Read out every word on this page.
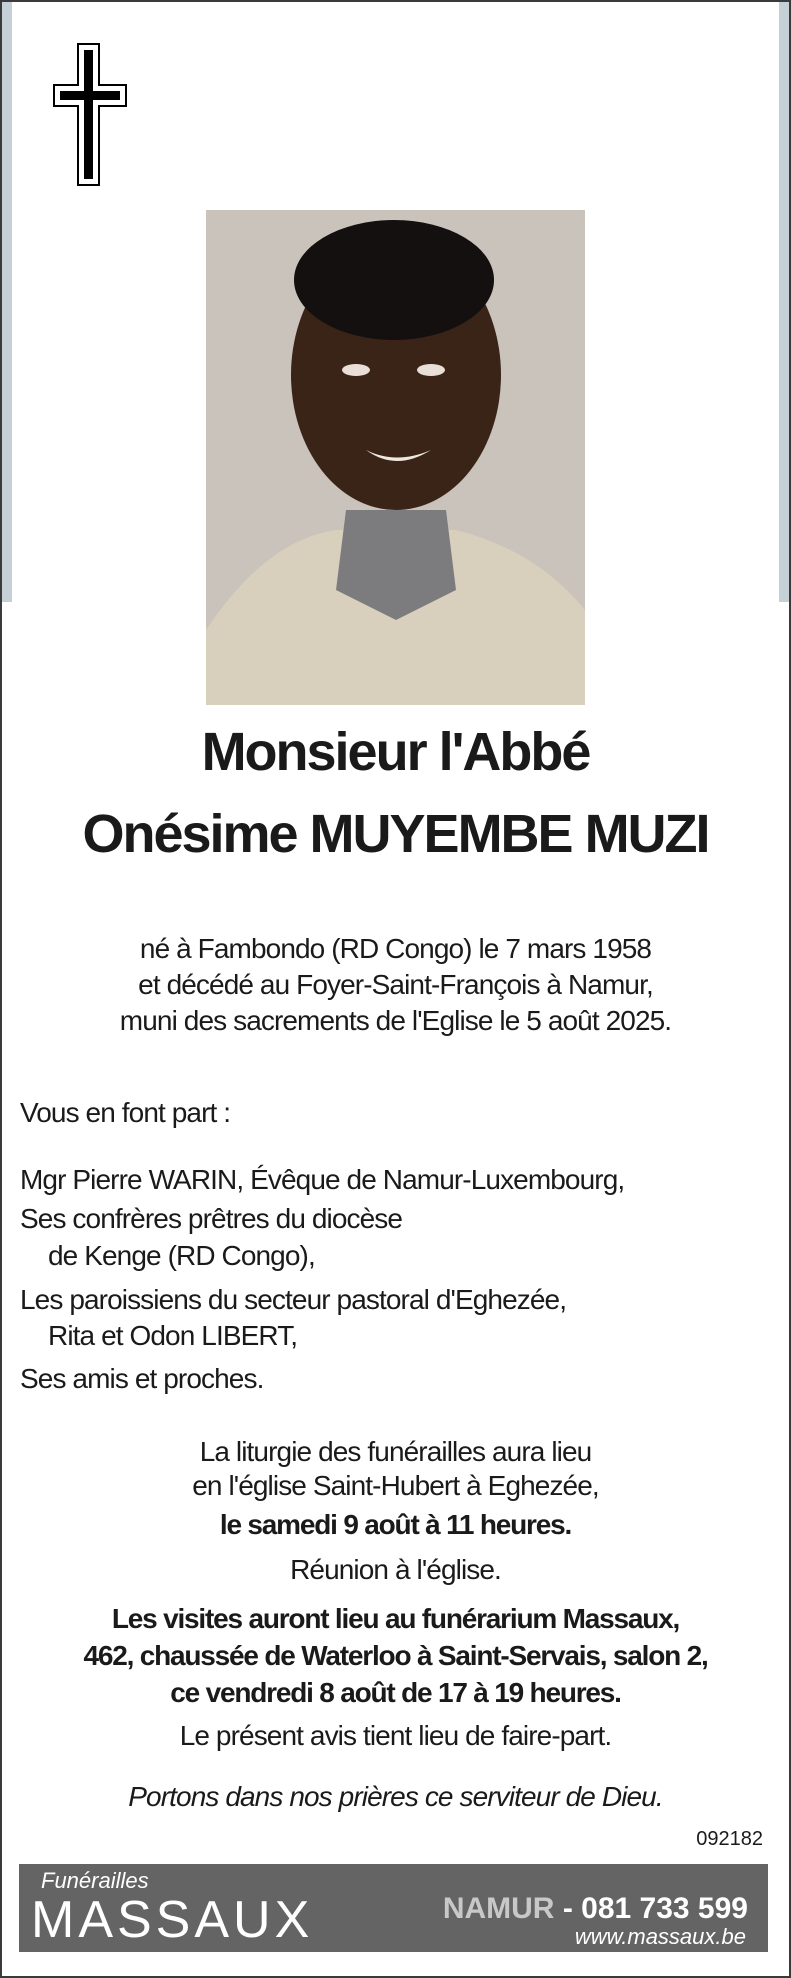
Monsieur l'Abbé
Onésime MUYEMBE MUZI
né à Fambondo (RD Congo) le 7 mars 1958
et décédé au Foyer-Saint-François à Namur,
muni des sacrements de l'Eglise le 5 août 2025.
Vous en font part :
Mgr Pierre WARIN, Évêque de Namur-Luxembourg,
Ses confrères prêtres du diocèse
de Kenge (RD Congo),
Les paroissiens du secteur pastoral d'Eghezée,
Rita et Odon LIBERT,
Ses amis et proches.
La liturgie des funérailles aura lieu
en l'église Saint-Hubert à Eghezée,
le samedi 9 août à 11 heures.
Réunion à l'église.
Les visites auront lieu au funérarium Massaux,
462, chaussée de Waterloo à Saint-Servais, salon 2,
ce vendredi 8 août de 17 à 19 heures.
Le présent avis tient lieu de faire-part.
Portons dans nos prières ce serviteur de Dieu.
092182
Funérailles
MASSAUX	NAMUR - 081 733 599
www.massaux.be
